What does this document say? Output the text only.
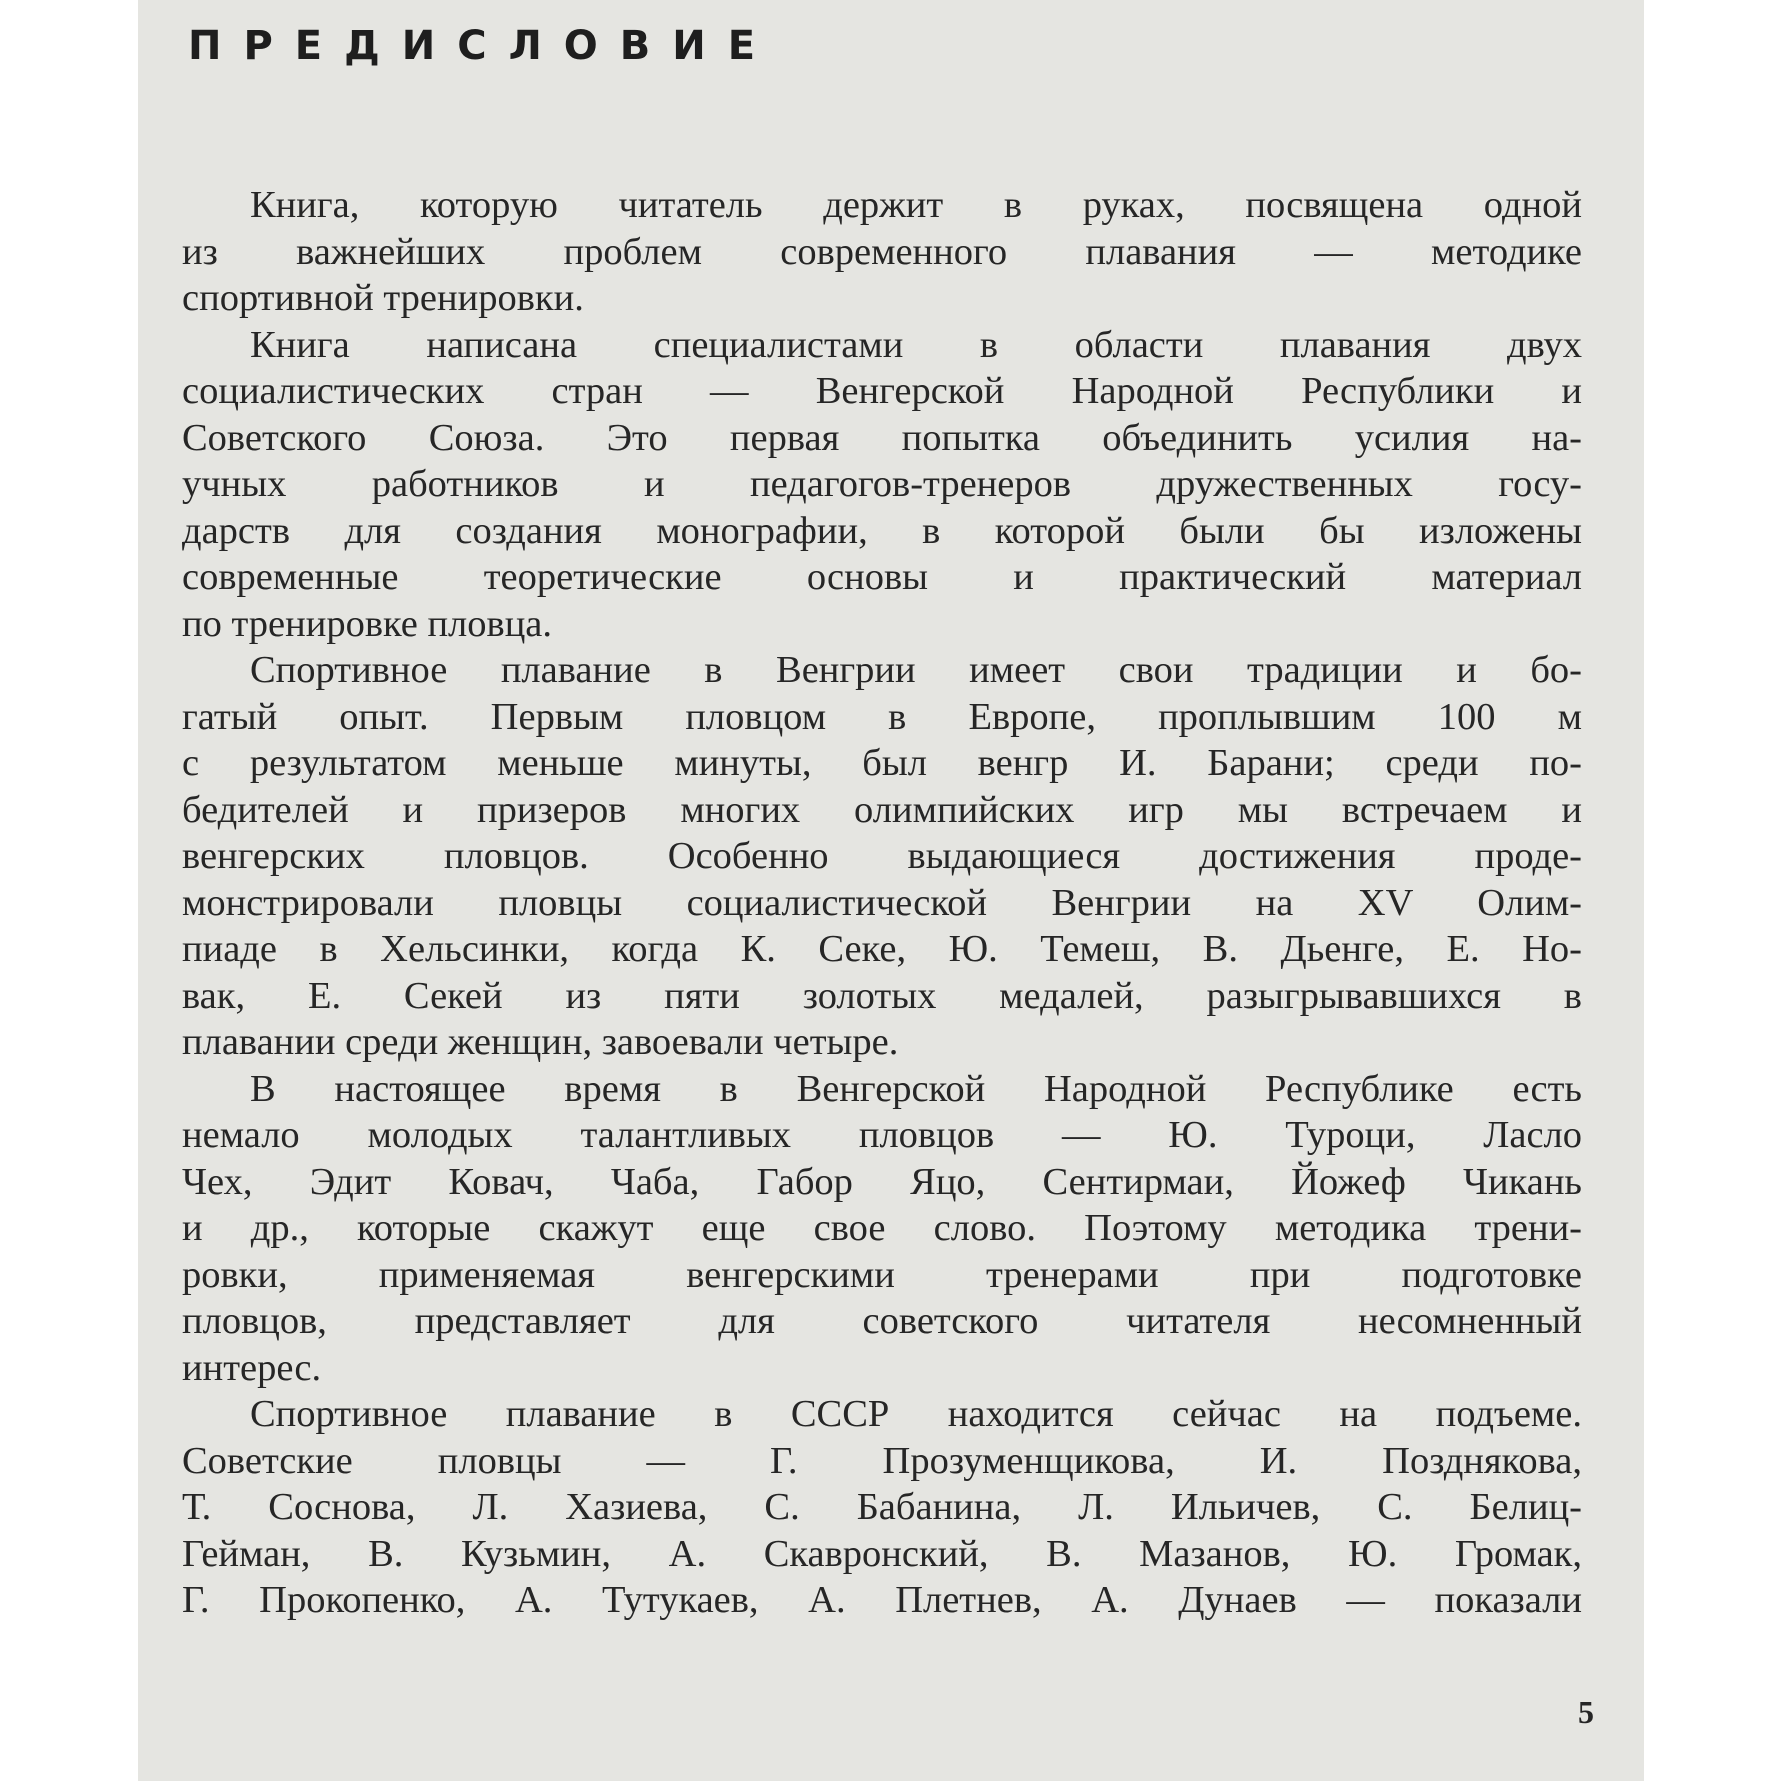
ПРЕДИСЛОВИЕ
Книга, которую читатель держит в руках, посвящена одной
из важнейших проблем современного плавания — методике
спортивной тренировки.
Книга написана специалистами в области плавания двух
социалистических стран — Венгерской Народной Республики и
Советского Союза. Это первая попытка объединить усилия на-
учных работников и педагогов-тренеров дружественных госу-
дарств для создания монографии, в которой были бы изложены
современные теоретические основы и практический материал
по тренировке пловца.
Спортивное плавание в Венгрии имеет свои традиции и бо-
гатый опыт. Первым пловцом в Европе, проплывшим 100 м
с результатом меньше минуты, был венгр И. Барани; среди по-
бедителей и призеров многих олимпийских игр мы встречаем и
венгерских пловцов. Особенно выдающиеся достижения проде-
монстрировали пловцы социалистической Венгрии на XV Олим-
пиаде в Хельсинки, когда К. Секе, Ю. Темеш, В. Дьенге, Е. Но-
вак, Е. Секей из пяти золотых медалей, разыгрывавшихся в
плавании среди женщин, завоевали четыре.
В настоящее время в Венгерской Народной Республике есть
немало молодых талантливых пловцов — Ю. Туроци, Ласло
Чех, Эдит Ковач, Чаба, Габор Яцо, Сентирмаи, Йожеф Чикань
и др., которые скажут еще свое слово. Поэтому методика трени-
ровки, применяемая венгерскими тренерами при подготовке
пловцов, представляет для советского читателя несомненный
интерес.
Спортивное плавание в СССР находится сейчас на подъеме.
Советские пловцы — Г. Прозуменщикова, И. Позднякова,
Т. Соснова, Л. Хазиева, С. Бабанина, Л. Ильичев, С. Белиц-
Гейман, В. Кузьмин, А. Скавронский, В. Мазанов, Ю. Громак,
Г. Прокопенко, А. Тутукаев, А. Плетнев, А. Дунаев — показали
5
